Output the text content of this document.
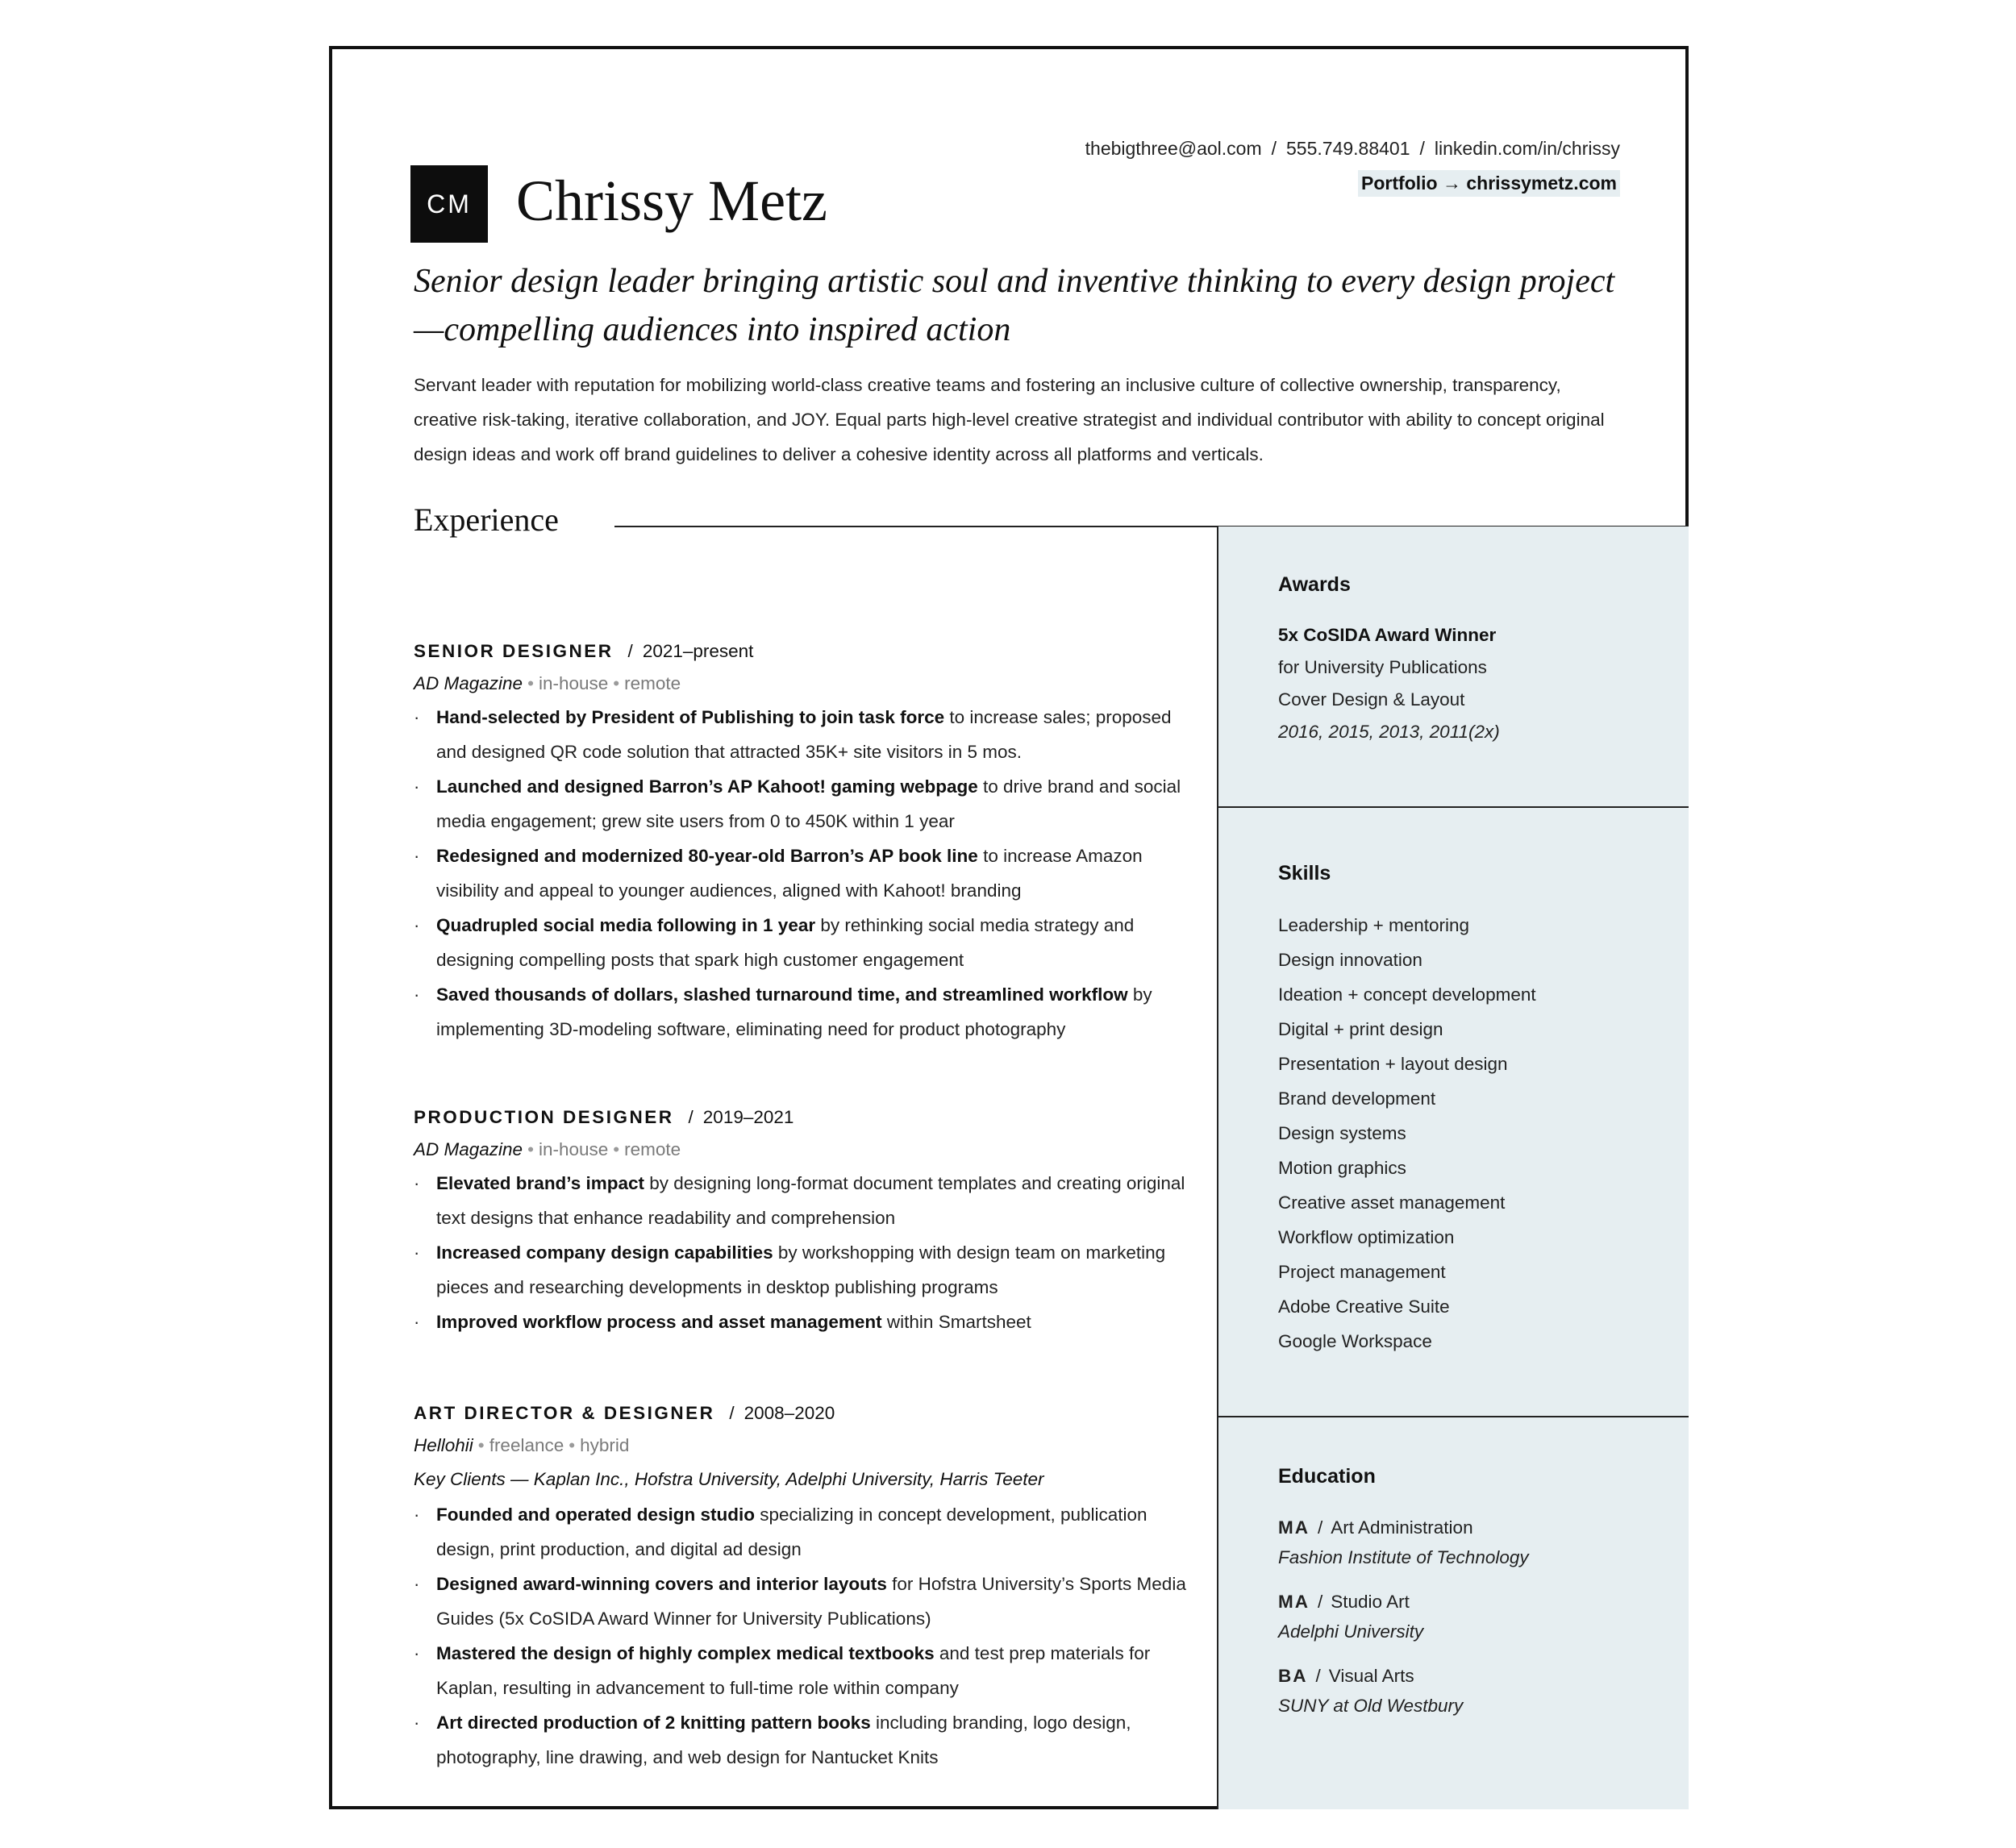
CM Chrissy Metz
thebigthree@aol.com / 555.749.88401 / linkedin.com/in/chrissy
Portfolio → chrissymetz.com
Senior design leader bringing artistic soul and inventive thinking to every design project—compelling audiences into inspired action
Servant leader with reputation for mobilizing world-class creative teams and fostering an inclusive culture of collective ownership, transparency, creative risk-taking, iterative collaboration, and JOY. Equal parts high-level creative strategist and individual contributor with ability to concept original design ideas and work off brand guidelines to deliver a cohesive identity across all platforms and verticals.
Experience
SENIOR DESIGNER / 2021–present
AD Magazine • in-house • remote
· Hand-selected by President of Publishing to join task force to increase sales; proposed and designed QR code solution that attracted 35K+ site visitors in 5 mos.
· Launched and designed Barron’s AP Kahoot! gaming webpage to drive brand and social media engagement; grew site users from 0 to 450K within 1 year
· Redesigned and modernized 80-year-old Barron’s AP book line to increase Amazon visibility and appeal to younger audiences, aligned with Kahoot! branding
· Quadrupled social media following in 1 year by rethinking social media strategy and designing compelling posts that spark high customer engagement
· Saved thousands of dollars, slashed turnaround time, and streamlined workflow by implementing 3D-modeling software, eliminating need for product photography
PRODUCTION DESIGNER / 2019–2021
AD Magazine • in-house • remote
· Elevated brand’s impact by designing long-format document templates and creating original text designs that enhance readability and comprehension
· Increased company design capabilities by workshopping with design team on marketing pieces and researching developments in desktop publishing programs
· Improved workflow process and asset management within Smartsheet
ART DIRECTOR & DESIGNER / 2008–2020
Hellohii • freelance • hybrid
Key Clients — Kaplan Inc., Hofstra University, Adelphi University, Harris Teeter
· Founded and operated design studio specializing in concept development, publication design, print production, and digital ad design
· Designed award-winning covers and interior layouts for Hofstra University’s Sports Media Guides (5x CoSIDA Award Winner for University Publications)
· Mastered the design of highly complex medical textbooks and test prep materials for Kaplan, resulting in advancement to full-time role within company
· Art directed production of 2 knitting pattern books including branding, logo design, photography, line drawing, and web design for Nantucket Knits
Awards
5x CoSIDA Award Winner
for University Publications
Cover Design & Layout
2016, 2015, 2013, 2011(2x)
Skills
Leadership + mentoring
Design innovation
Ideation + concept development
Digital + print design
Presentation + layout design
Brand development
Design systems
Motion graphics
Creative asset management
Workflow optimization
Project management
Adobe Creative Suite
Google Workspace
Education
MA / Art Administration
Fashion Institute of Technology
MA / Studio Art
Adelphi University
BA / Visual Arts
SUNY at Old Westbury
